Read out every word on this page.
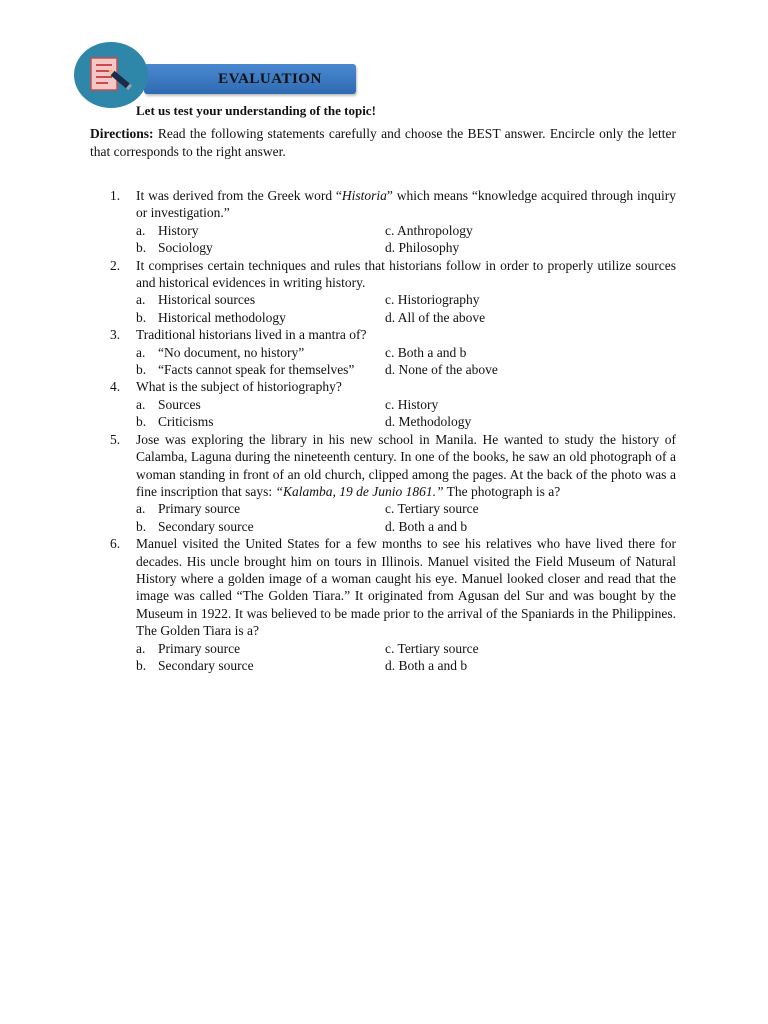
EVALUATION
Let us test your understanding of the topic!
Directions: Read the following statements carefully and choose the BEST answer. Encircle only the letter that corresponds to the right answer.
1. It was derived from the Greek word “Historia” which means “knowledge acquired through inquiry or investigation.”
a. History	c. Anthropology
b. Sociology	d. Philosophy
2. It comprises certain techniques and rules that historians follow in order to properly utilize sources and historical evidences in writing history.
a. Historical sources	c. Historiography
b. Historical methodology	d. All of the above
3. Traditional historians lived in a mantra of?
a. “No document, no history”	c. Both a and b
b. “Facts cannot speak for themselves”	d. None of the above
4. What is the subject of historiography?
a. Sources	c. History
b. Criticisms	d. Methodology
5. Jose was exploring the library in his new school in Manila. He wanted to study the history of Calamba, Laguna during the nineteenth century. In one of the books, he saw an old photograph of a woman standing in front of an old church, clipped among the pages. At the back of the photo was a fine inscription that says: “Kalamba, 19 de Junio 1861.” The photograph is a?
a. Primary source	c. Tertiary source
b. Secondary source	d. Both a and b
6. Manuel visited the United States for a few months to see his relatives who have lived there for decades. His uncle brought him on tours in Illinois. Manuel visited the Field Museum of Natural History where a golden image of a woman caught his eye. Manuel looked closer and read that the image was called “The Golden Tiara.” It originated from Agusan del Sur and was bought by the Museum in 1922. It was believed to be made prior to the arrival of the Spaniards in the Philippines. The Golden Tiara is a?
a. Primary source	c. Tertiary source
b. Secondary source	d. Both a and b
